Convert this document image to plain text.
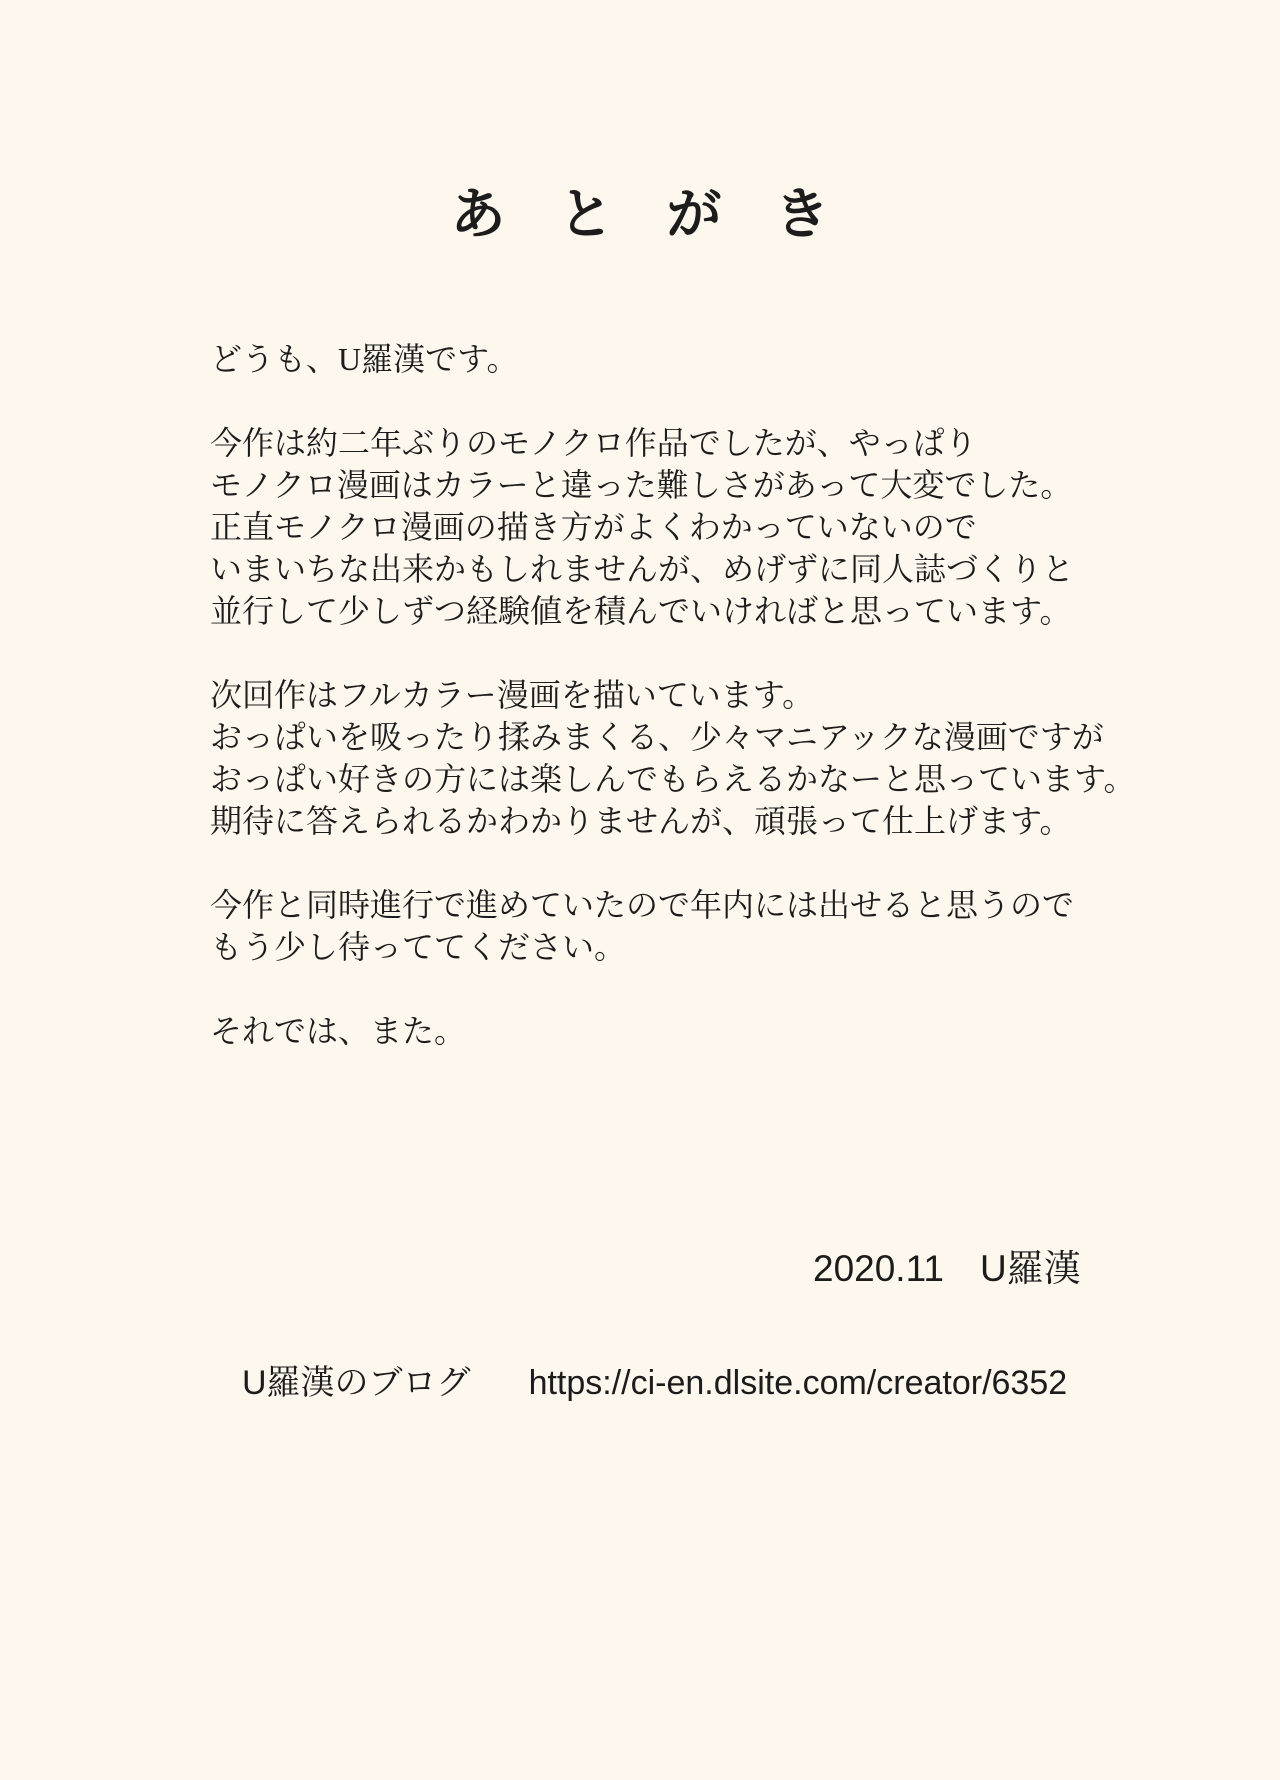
あとがき

どうも、U羅漢です。

今作は約二年ぶりのモノクロ作品でしたが、やっぱり
モノクロ漫画はカラーと違った難しさがあって大変でした。
正直モノクロ漫画の描き方がよくわかっていないので
いまいちな出来かもしれませんが、めげずに同人誌づくりと
並行して少しずつ経験値を積んでいければと思っています。

次回作はフルカラー漫画を描いています。
おっぱいを吸ったり揉みまくる、少々マニアックな漫画ですが
おっぱい好きの方には楽しんでもらえるかなーと思っています。
期待に答えられるかわかりませんが、頑張って仕上げます。

今作と同時進行で進めていたので年内には出せると思うので
もう少し待っててください。

それでは、また。

2020.11 U羅漢
U羅漢のブログ https://ci-en.dlsite.com/creator/6352
